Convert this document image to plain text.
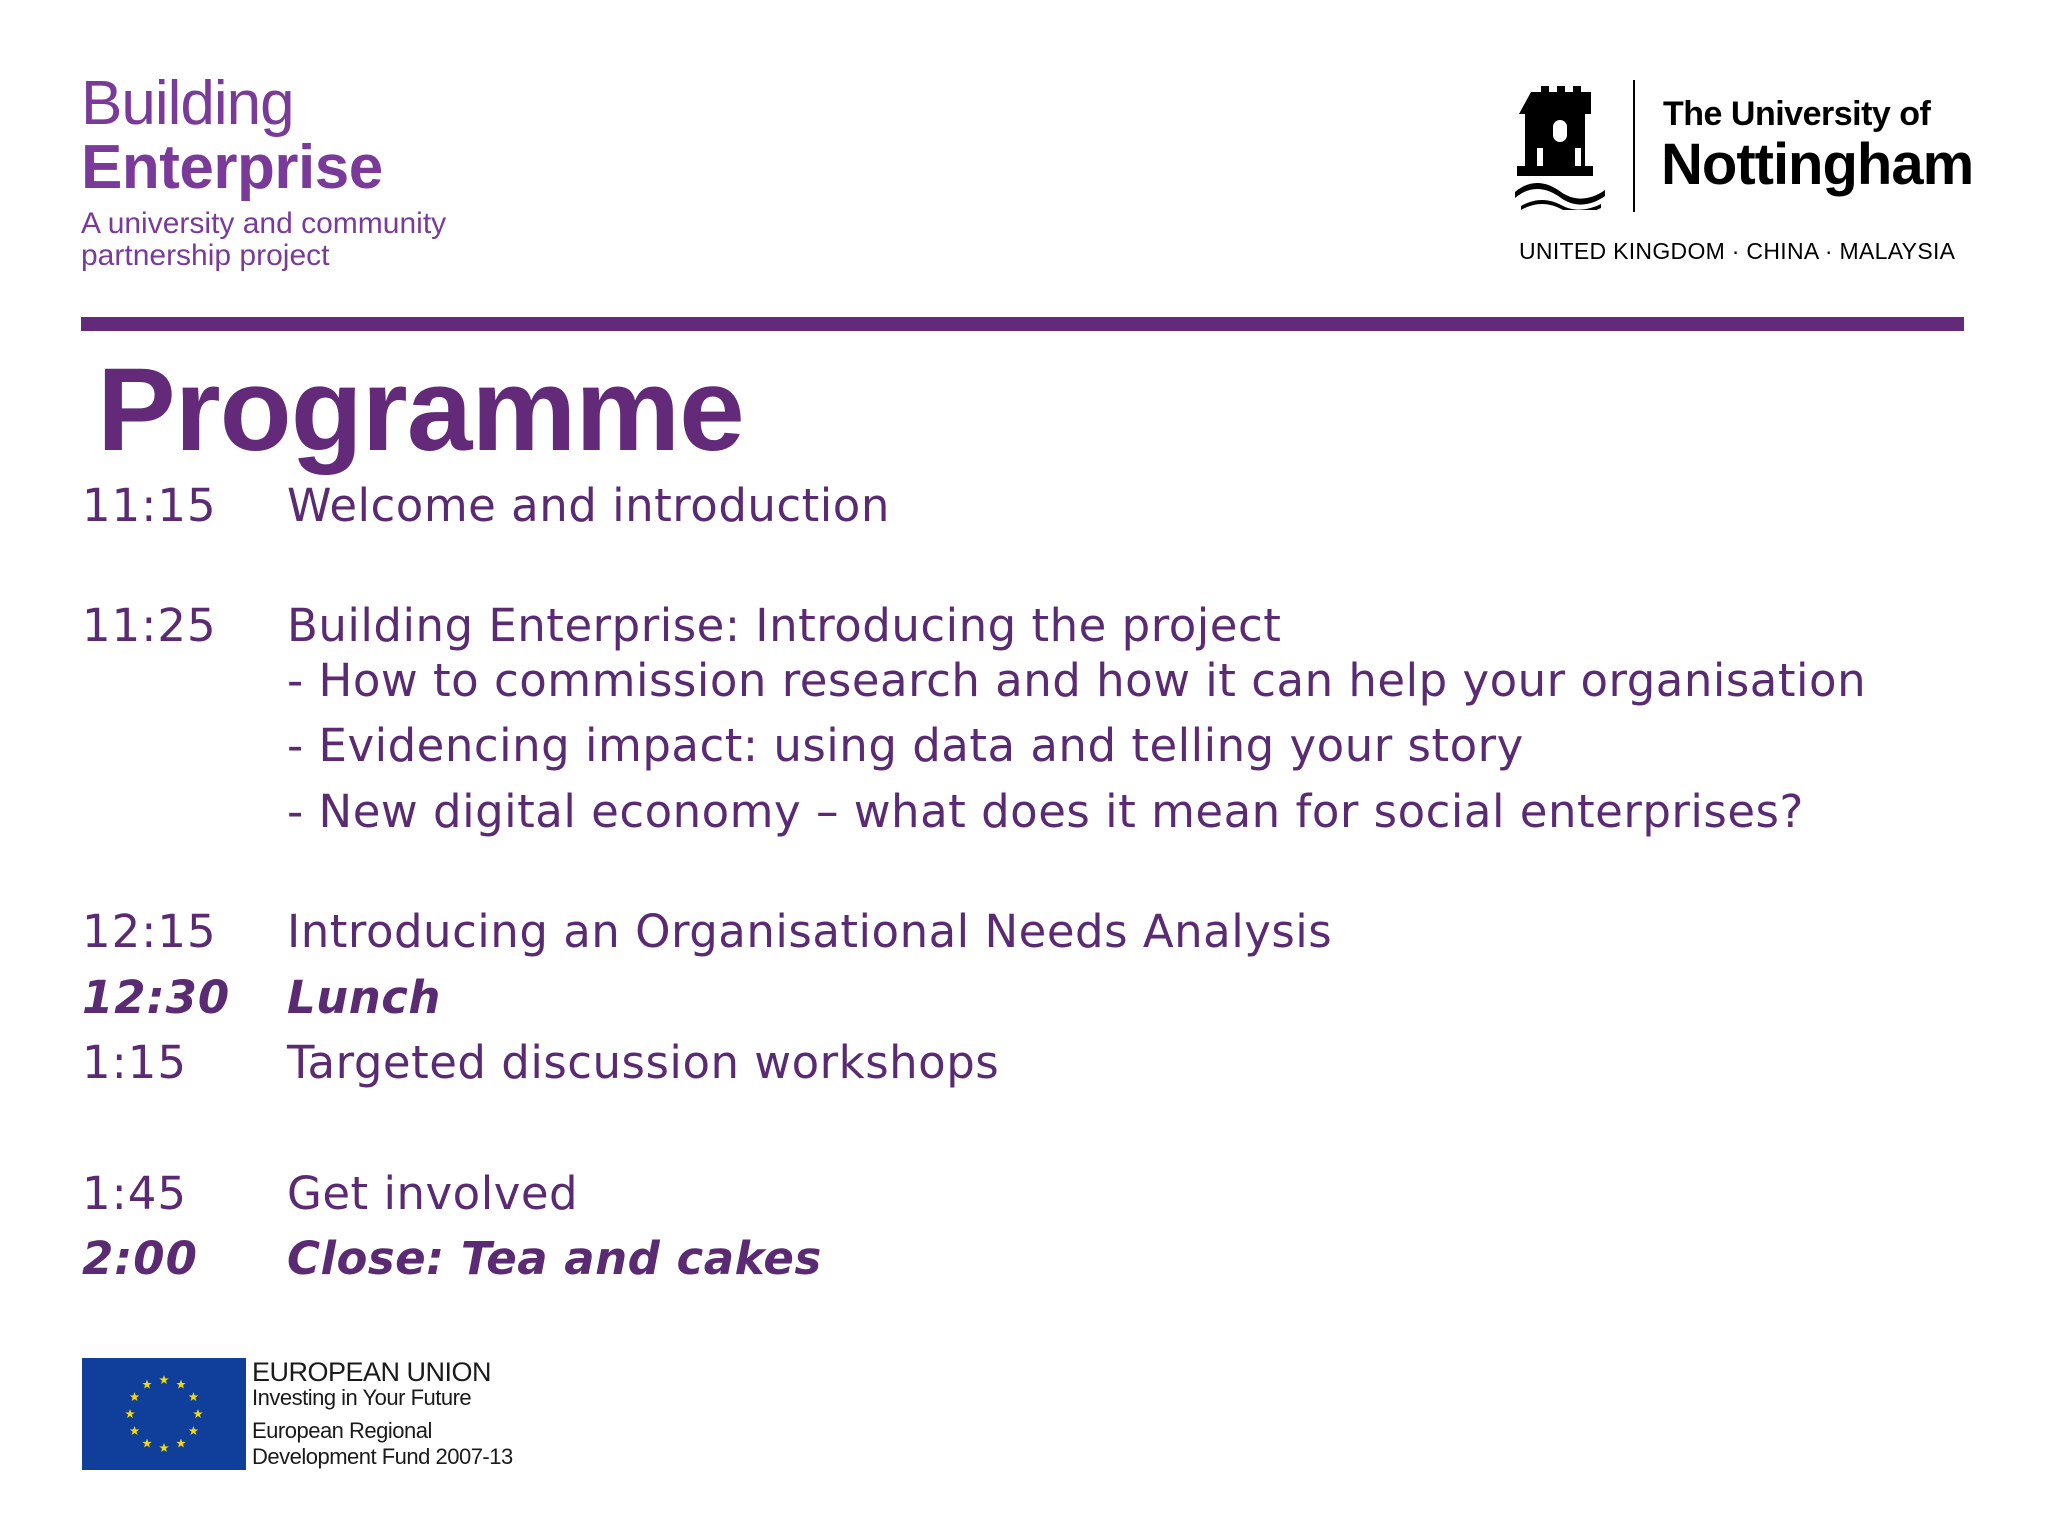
Building
Enterprise
A university and community
partnership project
The University of
Nottingham
UNITED KINGDOM · CHINA · MALAYSIA
Programme
11:15 Welcome and introduction
11:25 Building Enterprise: Introducing the project
- How to commission research and how it can help your organisation
- Evidencing impact: using data and telling your story
- New digital economy – what does it mean for social enterprises?
12:15 Introducing an Organisational Needs Analysis
12:30 Lunch
1:15 Targeted discussion workshops
1:45 Get involved
2:00 Close: Tea and cakes
EUROPEAN UNION
Investing in Your Future
European Regional
Development Fund 2007-13
